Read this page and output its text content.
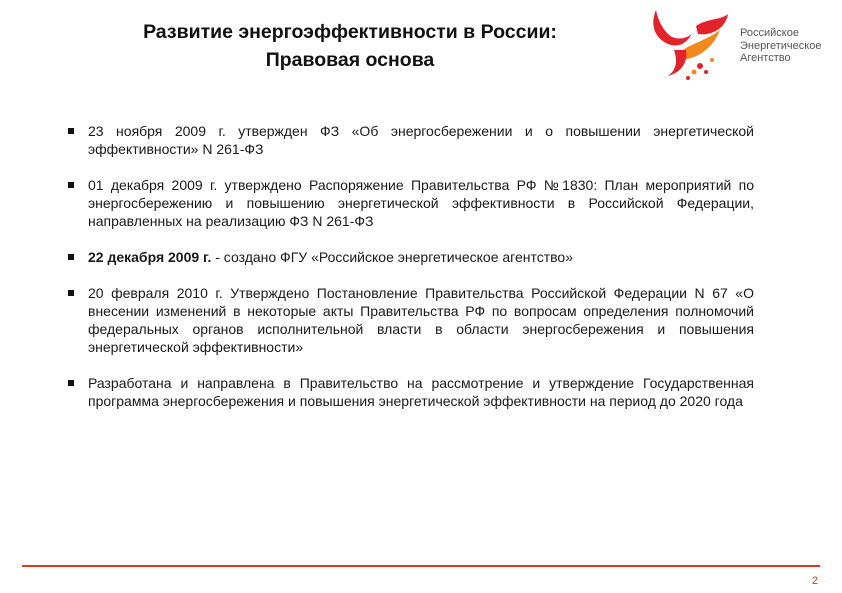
Развитие энергоэффективности в России:
Правовая основа
Российское
Энергетическое
Агентство
23 ноября 2009 г. утвержден ФЗ «Об энергосбережении и о повышении энергетической эффективности» N 261-ФЗ
01 декабря 2009 г. утверждено Распоряжение Правительства РФ №1830: План мероприятий по энергосбережению и повышению энергетической эффективности в Российской Федерации, направленных на реализацию ФЗ N 261-ФЗ
22 декабря 2009 г. - создано ФГУ «Российское энергетическое агентство»
20 февраля 2010 г. Утверждено Постановление Правительства Российской Федерации N 67 «О внесении изменений в некоторые акты Правительства РФ по вопросам определения полномочий федеральных органов исполнительной власти в области энергосбережения и повышения энергетической эффективности»
Разработана и направлена в Правительство на рассмотрение и утверждение Государственная программа энергосбережения и повышения энергетической эффективности на период до 2020 года
2
